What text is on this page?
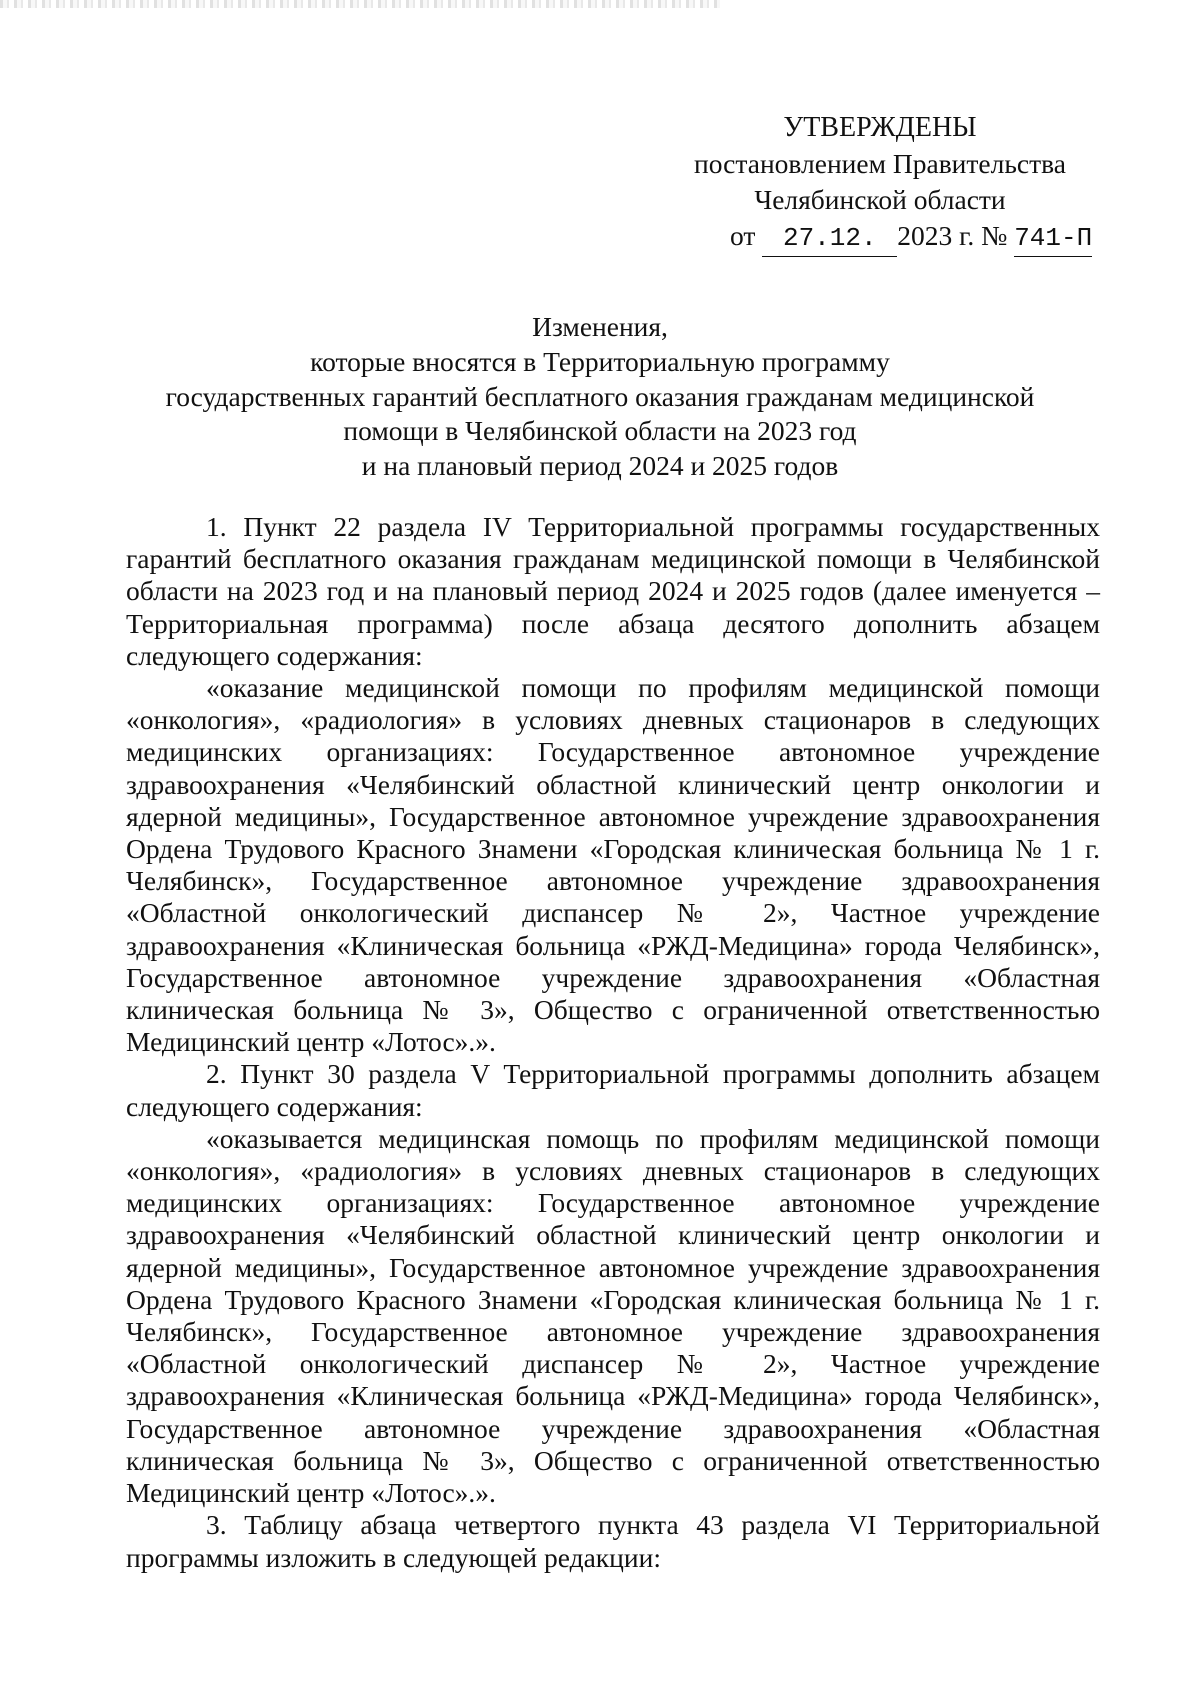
УТВЕРЖДЕНЫ
постановлением Правительства
Челябинской области
от 27.12. 2023 г. № 741-П
Изменения,
которые вносятся в Территориальную программу
государственных гарантий бесплатного оказания гражданам медицинской
помощи в Челябинской области на 2023 год
и на плановый период 2024 и 2025 годов

1. Пункт 22 раздела IV Территориальной программы государственных гарантий бесплатного оказания гражданам медицинской помощи в Челябинской области на 2023 год и на плановый период 2024 и 2025 годов (далее именуется – Территориальная программа) после абзаца десятого дополнить абзацем следующего содержания:

«оказание медицинской помощи по профилям медицинской помощи «онкология», «радиология» в условиях дневных стационаров в следующих медицинских организациях: Государственное автономное учреждение здравоохранения «Челябинский областной клинический центр онкологии и ядерной медицины», Государственное автономное учреждение здравоохранения Ордена Трудового Красного Знамени «Городская клиническая больница № 1 г. Челябинск», Государственное автономное учреждение здравоохранения «Областной онкологический диспансер № 2», Частное учреждение здравоохранения «Клиническая больница «РЖД-Медицина» города Челябинск», Государственное автономное учреждение здравоохранения «Областная клиническая больница № 3», Общество с ограниченной ответственностью Медицинский центр «Лотос».».

2. Пункт 30 раздела V Территориальной программы дополнить абзацем следующего содержания:

«оказывается медицинская помощь по профилям медицинской помощи «онкология», «радиология» в условиях дневных стационаров в следующих медицинских организациях: Государственное автономное учреждение здравоохранения «Челябинский областной клинический центр онкологии и ядерной медицины», Государственное автономное учреждение здравоохранения Ордена Трудового Красного Знамени «Городская клиническая больница № 1 г. Челябинск», Государственное автономное учреждение здравоохранения «Областной онкологический диспансер № 2», Частное учреждение здравоохранения «Клиническая больница «РЖД-Медицина» города Челябинск», Государственное автономное учреждение здравоохранения «Областная клиническая больница № 3», Общество с ограниченной ответственностью Медицинский центр «Лотос».».

3. Таблицу абзаца четвертого пункта 43 раздела VI Территориальной программы изложить в следующей редакции:
